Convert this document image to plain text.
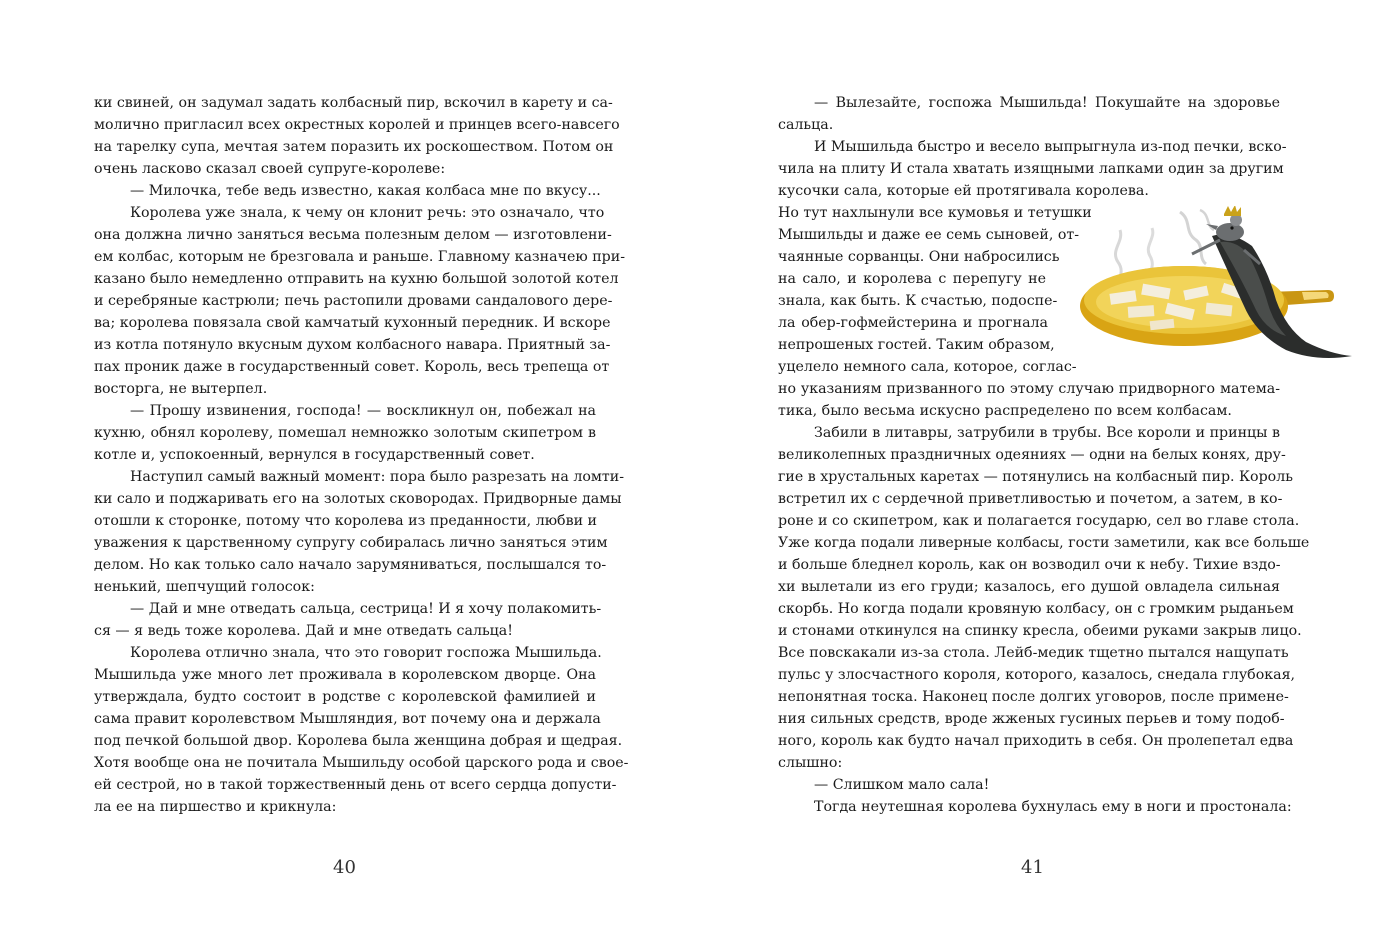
ки свиней, он задумал задать колбасный пир, вскочил в карету и са-
молично пригласил всех окрестных королей и принцев всего-навсего
на тарелку супа, мечтая затем поразить их роскошеством. Потом он
очень ласково сказал своей супруге-королеве:
— Милочка, тебе ведь известно, какая колбаса мне по вкусу...
Королева уже знала, к чему он клонит речь: это означало, что
она должна лично заняться весьма полезным делом — изготовлени-
ем колбас, которым не брезговала и раньше. Главному казначею при-
казано было немедленно отправить на кухню большой золотой котел
и серебряные кастрюли; печь растопили дровами сандалового дере-
ва; королева повязала свой камчатый кухонный передник. И вскоре
из котла потянуло вкусным духом колбасного навара. Приятный за-
пах проник даже в государственный совет. Король, весь трепеща от
восторга, не вытерпел.
— Прошу извинения, господа! — воскликнул он, побежал на
кухню, обнял королеву, помешал немножко золотым скипетром в
котле и, успокоенный, вернулся в государственный совет.
Наступил самый важный момент: пора было разрезать на ломти-
ки сало и поджаривать его на золотых сковородах. Придворные дамы
отошли к сторонке, потому что королева из преданности, любви и
уважения к царственному супругу собиралась лично заняться этим
делом. Но как только сало начало зарумяниваться, послышался то-
ненький, шепчущий голосок:
— Дай и мне отведать сальца, сестрица! И я хочу полакомить-
ся — я ведь тоже королева. Дай и мне отведать сальца!
Королева отлично знала, что это говорит госпожа Мышильда.
Мышильда уже много лет проживала в королевском дворце. Она
утверждала, будто состоит в родстве с королевской фамилией и
сама правит королевством Мышляндия, вот почему она и держала
под печкой большой двор. Королева была женщина добрая и щедрая.
Хотя вообще она не почитала Мышильду особой царского рода и свое-
ей сестрой, но в такой торжественный день от всего сердца допусти-
ла ее на пиршество и крикнула:
40
— Вылезайте, госпожа Мышильда! Покушайте на здоровье
сальца.
И Мышильда быстро и весело выпрыгнула из-под печки, вско-
чила на плиту И стала хватать изящными лапками один за другим
кусочки сала, которые ей протягивала королева.
Но тут нахлынули все кумовья и тетушки
Мышильды и даже ее семь сыновей, от-
чаянные сорванцы. Они набросились
на сало, и королева с перепугу не
знала, как быть. К счастью, подоспе-
ла обер-гофмейстерина и прогнала
непрошеных гостей. Таким образом,
уцелело немного сала, которое, соглас-
но указаниям призванного по этому случаю придворного матема-
тика, было весьма искусно распределено по всем колбасам.
Забили в литавры, затрубили в трубы. Все короли и принцы в
великолепных праздничных одеяниях — одни на белых конях, дру-
гие в хрустальных каретах — потянулись на колбасный пир. Король
встретил их с сердечной приветливостью и почетом, а затем, в ко-
роне и со скипетром, как и полагается государю, сел во главе стола.
Уже когда подали ливерные колбасы, гости заметили, как все больше
и больше бледнел король, как он возводил очи к небу. Тихие вздо-
хи вылетали из его груди; казалось, его душой овладела сильная
скорбь. Но когда подали кровяную колбасу, он с громким рыданьем
и стонами откинулся на спинку кресла, обеими руками закрыв лицо.
Все повскакали из-за стола. Лейб-медик тщетно пытался нащупать
пульс у злосчастного короля, которого, казалось, снедала глубокая,
непонятная тоска. Наконец после долгих уговоров, после примене-
ния сильных средств, вроде жженых гусиных перьев и тому подоб-
ного, король как будто начал приходить в себя. Он пролепетал едва
слышно:
— Слишком мало сала!
Тогда неутешная королева бухнулась ему в ноги и простонала:
41
